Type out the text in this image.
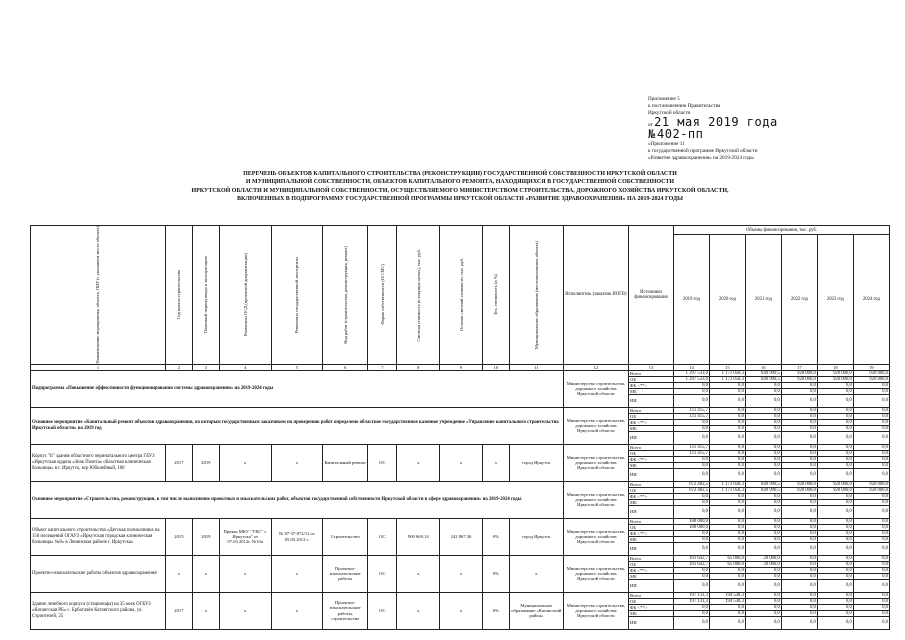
Приложение 5
к постановлению Правительства
Иркутской области
от 21 мая 2019 года
№ 402-пп
«Приложение 11
к государственной программе Иркутской области
«Развитие здравоохранения» на 2019-2024 годы
ПЕРЕЧЕНЬ ОБЪЕКТОВ КАПИТАЛЬНОГО СТРОИТЕЛЬСТВА (РЕКОНСТРУКЦИИ) ГОСУДАРСТВЕННОЙ СОБСТВЕННОСТИ ИРКУТСКОЙ ОБЛАСТИ
И МУНИЦИПАЛЬНОЙ СОБСТВЕННОСТИ, ОБЪЕКТОВ КАПИТАЛЬНОГО РЕМОНТА, НАХОДЯЩИХСЯ В ГОСУДАРСТВЕННОЙ СОБСТВЕННОСТИ
ИРКУТСКОЙ ОБЛАСТИ И МУНИЦИПАЛЬНОЙ СОБСТВЕННОСТИ, ОСУЩЕСТВЛЯЕМОГО МИНИСТЕРСТВОМ СТРОИТЕЛЬСТВА, ДОРОЖНОГО ХОЗЯЙСТВА ИРКУТСКОЙ ОБЛАСТИ,
ВКЛЮЧЕННЫХ В ПОДПРОГРАММУ ГОСУДАРСТВЕННОЙ ПРОГРАММЫ ИРКУТСКОЙ ОБЛАСТИ «РАЗВИТИЕ ЗДРАВООХРАНЕНИЯ» НА 2019-2024 ГОДЫ
Наименование мероприятия, объекта, ПИР (с указанием места объекта)	Год начала строительства	Плановый период ввода в эксплуатацию	Реквизиты ПСД (проектной документации)	Реквизиты государственной экспертизы	Вид работ (строительство, реконструкция, ремонт)	Форма собственности (ОС/МС)	Сметная стоимость (в текущих ценах), тыс. руб.	Остаток сметной стоимости, тыс. руб.	Тех. готовность (в %)	Муниципальное образование (местоположение объекта)	Исполнитель (заказчик ИОГВ)	Источники финансирования	Объемы финансирования, тыс. руб.					
													2019 год	2020 год	2021 год	2022 год	2023 год	2024 год
1	2	3	4	5	6	7	8	9	10	11	12	13	14	15	16	17	18	19
Подпрограмма «Повышение эффективности функционирования системы здравоохранения» на 2019-2024 годы											Министерство строительства, дорожного хозяйства Иркутской области	Всего	1 297 533,0	1 171 058,3	849 990,5	920 000,0	920 000,0	920 000,0
												ОБ	1 297 533,0	1 171 058,3	849 990,5	920 000,0	920 000,0	920 000,0
												ФБ <**>	0,0	0,0	0,0	0,0	0,0	0,0
												МБ	0,0	0,0	0,0	0,0	0,0	0,0
												ИИ	0,0	0,0	0,0	0,0	0,0	0,0
Основное мероприятие «Капитальный ремонт объектов здравоохранения, по которым государственным заказчиком по проведению работ определено областное государственное казенное учреждение «Управление капитального строительства Иркутской области» на 2019 год											Министерство строительства, дорожного хозяйства Иркутской области	Всего	111 415,7	0,0	0,0	0,0	0,0	0,0
												ОБ	111 415,7	0,0	0,0	0,0	0,0	0,0
												ФБ <**>	0,0	0,0	0,0	0,0	0,0	0,0
												МБ	0,0	0,0	0,0	0,0	0,0	0,0
												ИИ	0,0	0,0	0,0	0,0	0,0	0,0
Корпус "Б" здания областного перинатального центра ГБУЗ «Иркутская ордена «Знак Почета» областная клиническая больница» в г. Иркутск, м/р Юбилейный, 100	2017	2019	x	x	Капитальный ремонт	ОС	x	x	x	город Иркутск	Министерство строительства, дорожного хозяйства Иркутской области	Всего	111 415,7	0,0	0,0	0,0	0,0	0,0
												ОБ	111 415,7	0,0	0,0	0,0	0,0	0,0
												ФБ <**>	0,0	0,0	0,0	0,0	0,0	0,0
												МБ	0,0	0,0	0,0	0,0	0,0	0,0
												ИИ	0,0	0,0	0,0	0,0	0,0	0,0
Основное мероприятие «Строительство, реконструкция, в том числе выполнение проектных и изыскательских работ, объектов государственной собственности Иркутской области в сфере здравоохранения» на 2019-2024 годы											Министерство строительства, дорожного хозяйства Иркутской области	Всего	672 482,5	1 171 058,3	849 990,5	920 000,0	920 000,0	920 000,0
												ОБ	672 482,5	1 171 058,3	849 990,5	920 000,0	920 000,0	920 000,0
												ФБ <**>	0,0	0,0	0,0	0,0	0,0	0,0
												МБ	0,0	0,0	0,0	0,0	0,0	0,0
												ИИ	0,0	0,0	0,0	0,0	0,0	0,0
Объект капитального строительства «Детская поликлиника на 150 посещений ОГАУЗ «Иркутская городская клиническая больница» №8» в Ленинском районе г. Иркутска»	2015	2019	Приказ МКУ "УКС" г. Иркутска" от 07.03.2012г. №10а	№ 87-37-872/12 от 05.03.2012 г.	Строительство	ОС	900 669,14	242 867,36	0%	город Иркутск	Министерство строительства, дорожного хозяйства Иркутской области	Всего	100 000,0	0,0	0,0	0,0	0,0	0,0
												ОБ	100 000,0	0,0	0,0	0,0	0,0	0,0
												ФБ <**>	0,0	0,0	0,0	0,0	0,0	0,0
												МБ	0,0	0,0	0,0	0,0	0,0	0,0
												ИИ	0,0	0,0	0,0	0,0	0,0	0,0
Проектно-изыскательские работы объектов здравоохранения	x	x	x	x	Проектно-изыскательские работы	ОС	x	x	0%	x	Министерство строительства, дорожного хозяйства Иркутской области	Всего	101 642,7	65 000,0	20 000,0	0,0	0,0	0,0
												ОБ	101 642,7	65 000,0	20 000,0	0,0	0,0	0,0
												ФБ <**>	0,0	0,0	0,0	0,0	0,0	0,0
												МБ	0,0	0,0	0,0	0,0	0,0	0,0
												ИИ	0,0	0,0	0,0	0,0	0,0	0,0
Здание лечебного корпуса (стационара) на 35 коек ОГБУЗ «Катангская РБ» с. Ербогачён Катангского района, ул. Строителей, 25	2017	x	x	x	Проектно-изыскательские работы, строительство	ОС	x	x	0%	Муниципальное образование «Катангский район»	Министерство строительства, дорожного хозяйства Иркутской области	Всего	197 131,3	194 538,3	0,0	0,0	0,0	0,0
												ОБ	197 131,3	194 538,3	0,0	0,0	0,0	0,0
												ФБ <**>	0,0	0,0	0,0	0,0	0,0	0,0
												МБ	0,0	0,0	0,0	0,0	0,0	0,0
												ИИ	0,0	0,0	0,0	0,0	0,0	0,0
